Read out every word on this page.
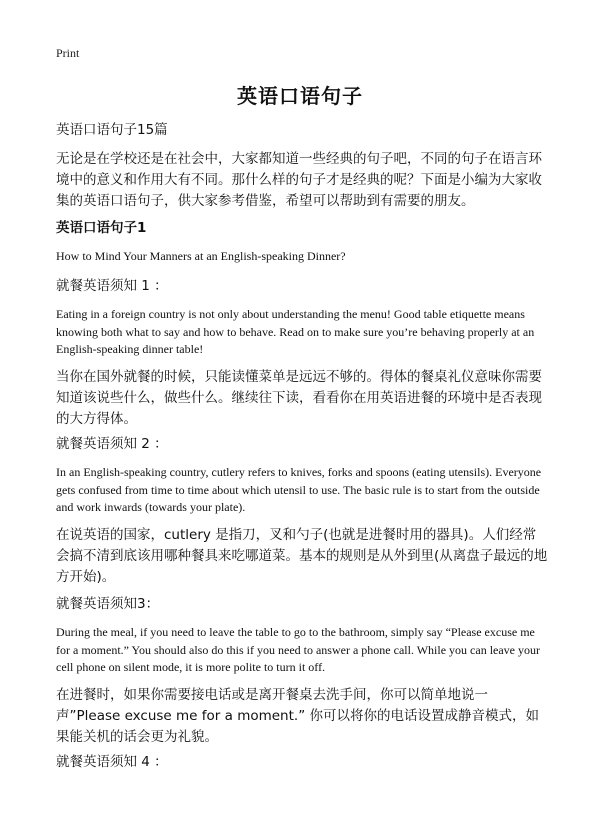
Print
英语口语句子

英语口语句子15篇

无论是在学校还是在社会中，大家都知道一些经典的句子吧，不同的句子在语言环境中的意义和作用大有不同。那什么样的句子才是经典的呢？下面是小编为大家收集的英语口语句子，供大家参考借鉴，希望可以帮助到有需要的朋友。

英语口语句子1

How to Mind Your Manners at an English-speaking Dinner?

就餐英语须知 1 ：

Eating in a foreign country is not only about understanding the menu! Good table etiquette means knowing both what to say and how to behave. Read on to make sure you’re behaving properly at an English-speaking dinner table!

当你在国外就餐的时候，只能读懂菜单是远远不够的。得体的餐桌礼仪意味你需要知道该说些什么，做些什么。继续往下读，看看你在用英语进餐的环境中是否表现的大方得体。

就餐英语须知 2 ：

In an English-speaking country, cutlery refers to knives, forks and spoons (eating utensils). Everyone gets confused from time to time about which utensil to use. The basic rule is to start from the outside and work inwards (towards your plate).

在说英语的国家，cutlery 是指刀，叉和勺子(也就是进餐时用的器具)。人们经常会搞不清到底该用哪种餐具来吃哪道菜。基本的规则是从外到里(从离盘子最远的地方开始)。

就餐英语须知3：

During the meal, if you need to leave the table to go to the bathroom, simply say “Please excuse me for a moment.” You should also do this if you need to answer a phone call. While you can leave your cell phone on silent mode, it is more polite to turn it off.

在进餐时，如果你需要接电话或是离开餐桌去洗手间，你可以简单地说一声”Please excuse me for a moment.” 你可以将你的电话设置成静音模式，如果能关机的话会更为礼貌。

就餐英语须知 4 ：
